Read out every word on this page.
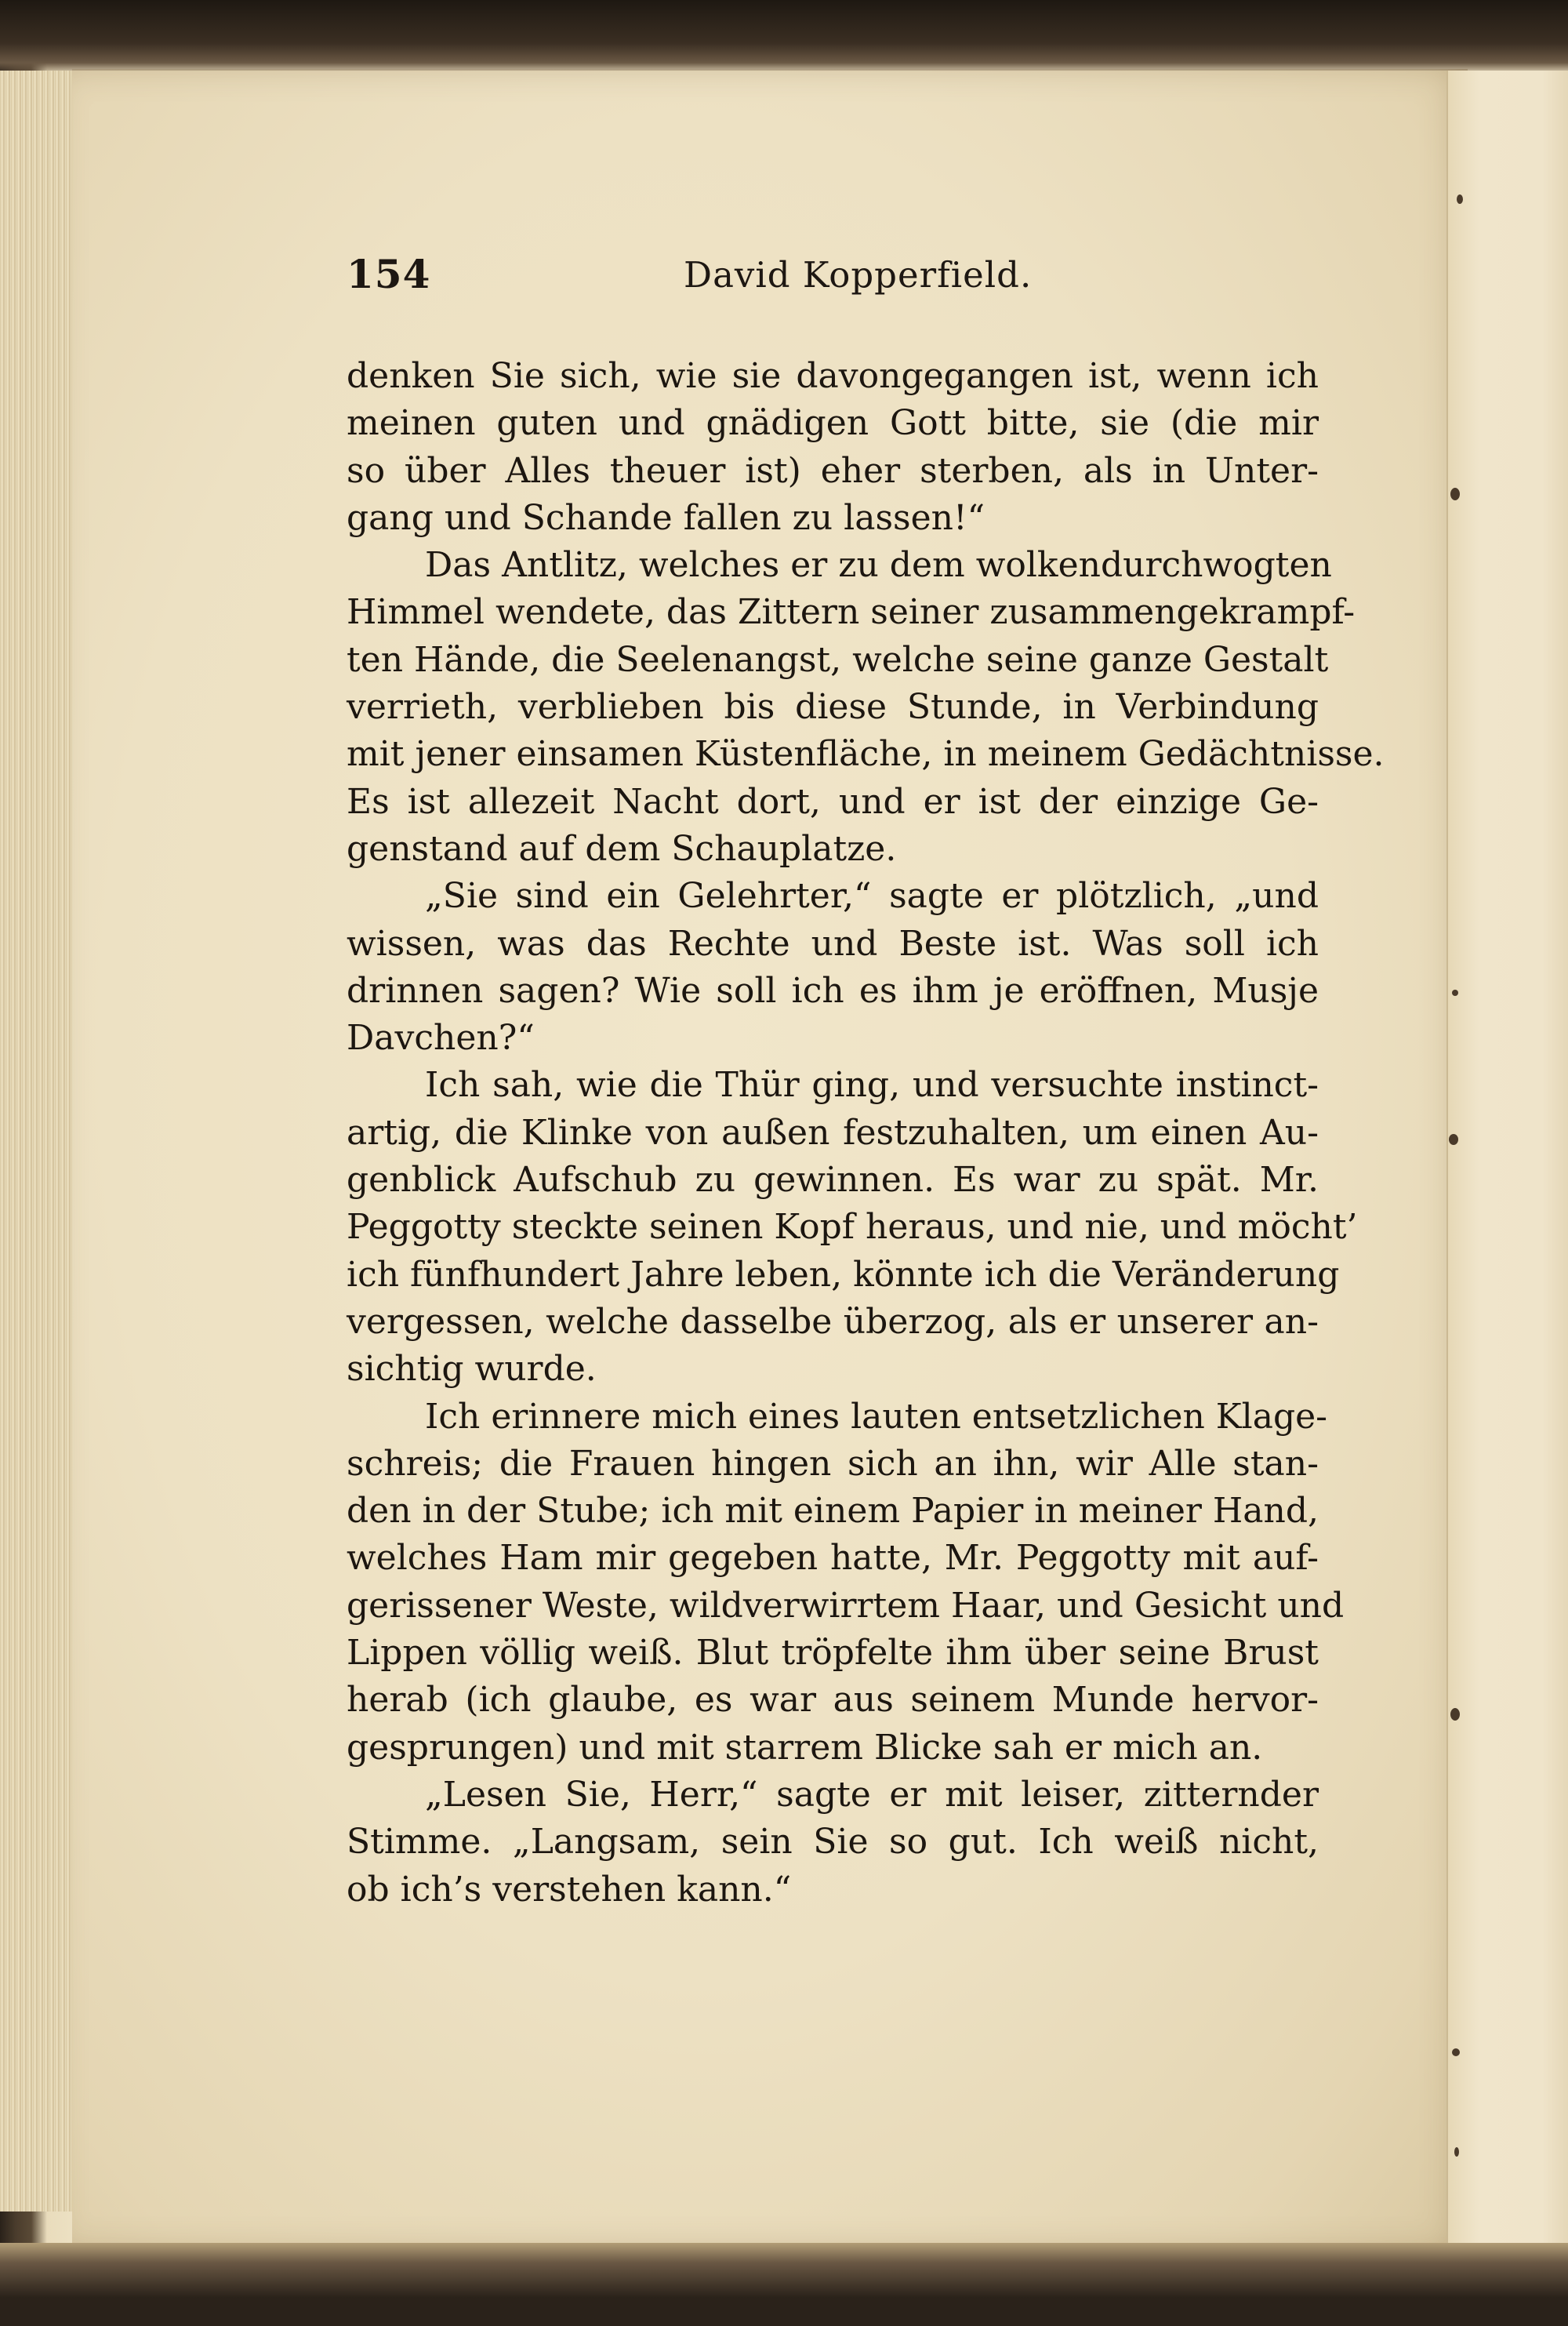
154	David Kopperfield.
denken Sie sich, wie sie davongegangen ist, wenn ich
meinen guten und gnädigen Gott bitte, sie (die mir
so über Alles theuer ist) eher sterben, als in Unter-
gang und Schande fallen zu lassen!“
Das Antlitz, welches er zu dem wolkendurchwogten
Himmel wendete, das Zittern seiner zusammengekrampf-
ten Hände, die Seelenangst, welche seine ganze Gestalt
verrieth, verblieben bis diese Stunde, in Verbindung
mit jener einsamen Küstenfläche, in meinem Gedächtnisse.
Es ist allezeit Nacht dort, und er ist der einzige Ge-
genstand auf dem Schauplatze.
„Sie sind ein Gelehrter,“ sagte er plötzlich, „und
wissen, was das Rechte und Beste ist. Was soll ich
drinnen sagen? Wie soll ich es ihm je eröffnen, Musje
Davchen?“
Ich sah, wie die Thür ging, und versuchte instinct-
artig, die Klinke von außen festzuhalten, um einen Au-
genblick Aufschub zu gewinnen. Es war zu spät. Mr.
Peggotty steckte seinen Kopf heraus, und nie, und möcht’
ich fünfhundert Jahre leben, könnte ich die Veränderung
vergessen, welche dasselbe überzog, als er unserer an-
sichtig wurde.
Ich erinnere mich eines lauten entsetzlichen Klage-
schreis; die Frauen hingen sich an ihn, wir Alle stan-
den in der Stube; ich mit einem Papier in meiner Hand,
welches Ham mir gegeben hatte, Mr. Peggotty mit auf-
gerissener Weste, wildverwirrtem Haar, und Gesicht und
Lippen völlig weiß. Blut tröpfelte ihm über seine Brust
herab (ich glaube, es war aus seinem Munde hervor-
gesprungen) und mit starrem Blicke sah er mich an.
„Lesen Sie, Herr,“ sagte er mit leiser, zitternder
Stimme. „Langsam, sein Sie so gut. Ich weiß nicht,
ob ich’s verstehen kann.“
